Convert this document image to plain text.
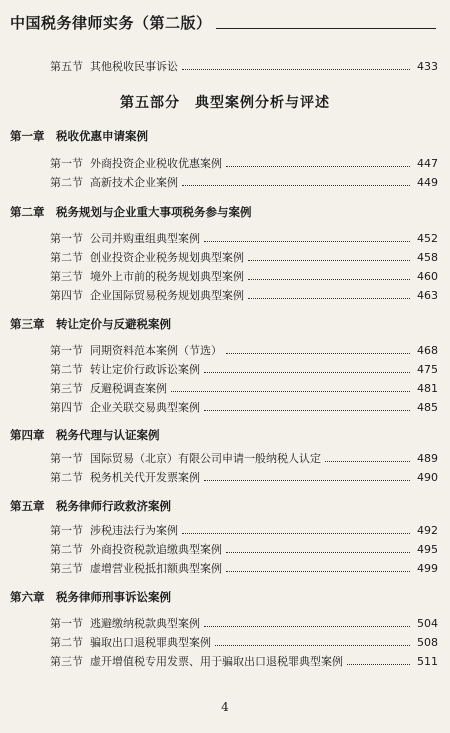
中国税务律师实务（第二版）
第五部分　典型案例分析与评述
第五节 其他税收民事诉讼	433
第一章　税收优惠申请案例
第一节 外商投资企业税收优惠案例	447
第二节 高新技术企业案例	449
第二章　税务规划与企业重大事项税务参与案例
第一节 公司并购重组典型案例	452
第二节 创业投资企业税务规划典型案例	458
第三节 境外上市前的税务规划典型案例	460
第四节 企业国际贸易税务规划典型案例	463
第三章　转让定价与反避税案例
第一节 同期资料范本案例（节选）	468
第二节 转让定价行政诉讼案例	475
第三节 反避税调查案例	481
第四节 企业关联交易典型案例	485
第四章　税务代理与认证案例
第一节 国际贸易（北京）有限公司申请一般纳税人认定	489
第二节 税务机关代开发票案例	490
第五章　税务律师行政救济案例
第一节 涉税违法行为案例	492
第二节 外商投资税款追缴典型案例	495
第三节 虚增营业税抵扣额典型案例	499
第六章　税务律师刑事诉讼案例
第一节 逃避缴纳税款典型案例	504
第二节 骗取出口退税罪典型案例	508
第三节 虚开增值税专用发票、用于骗取出口退税罪典型案例	511
4
